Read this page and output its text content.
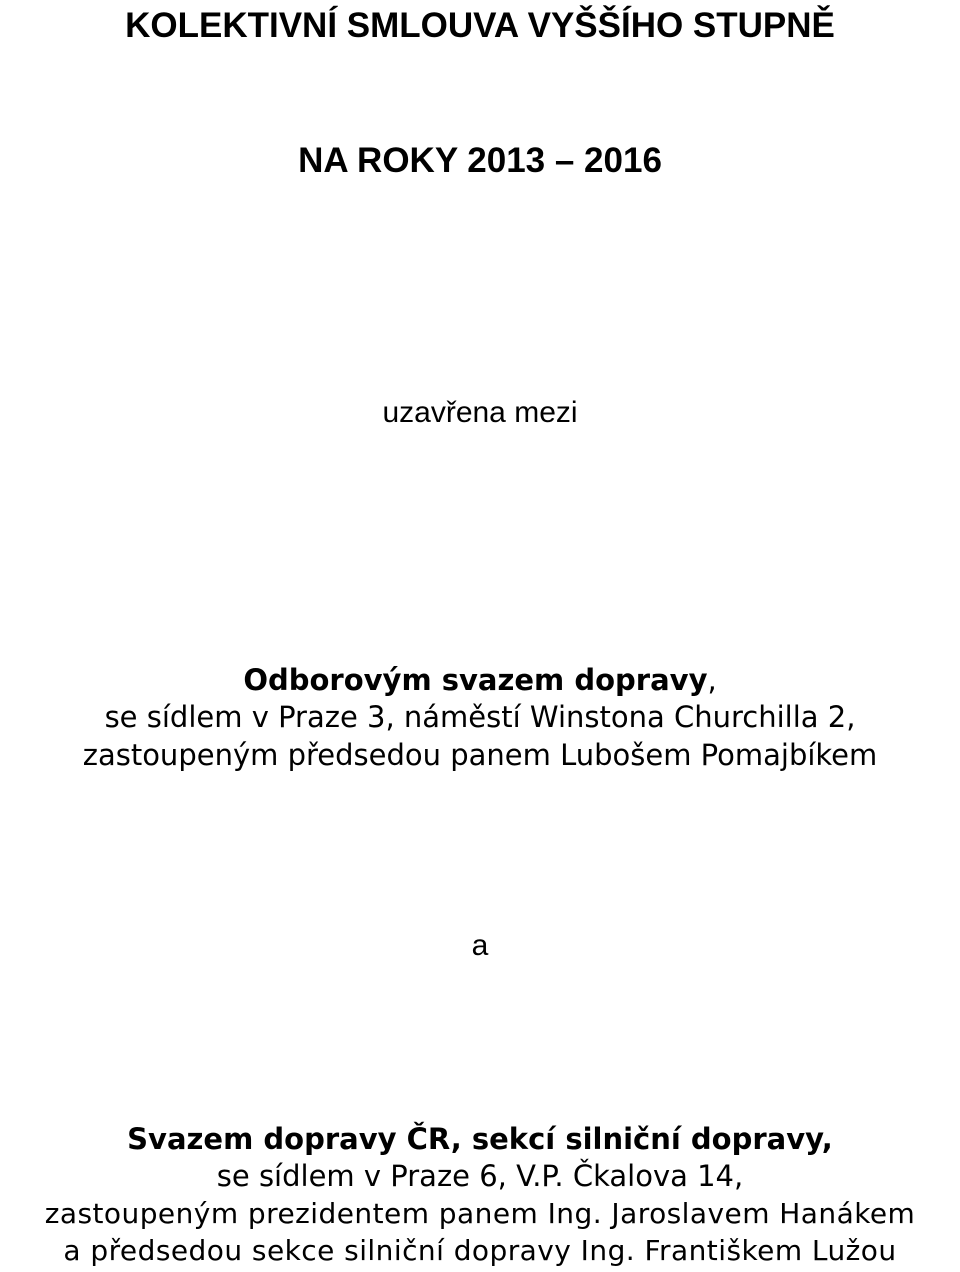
KOLEKTIVNÍ SMLOUVA VYŠŠÍHO STUPNĚ
NA ROKY 2013 – 2016

uzavřena mezi

Odborovým svazem dopravy,

se sídlem v Praze 3, náměstí Winstona Churchilla 2,

zastoupeným předsedou panem Lubošem Pomajbíkem

a

Svazem dopravy ČR, sekcí silniční dopravy,

se sídlem v Praze 6, V.P. Čkalova 14,

zastoupeným prezidentem panem Ing. Jaroslavem Hanákem

a předsedou sekce silniční dopravy Ing. Františkem Lužou
